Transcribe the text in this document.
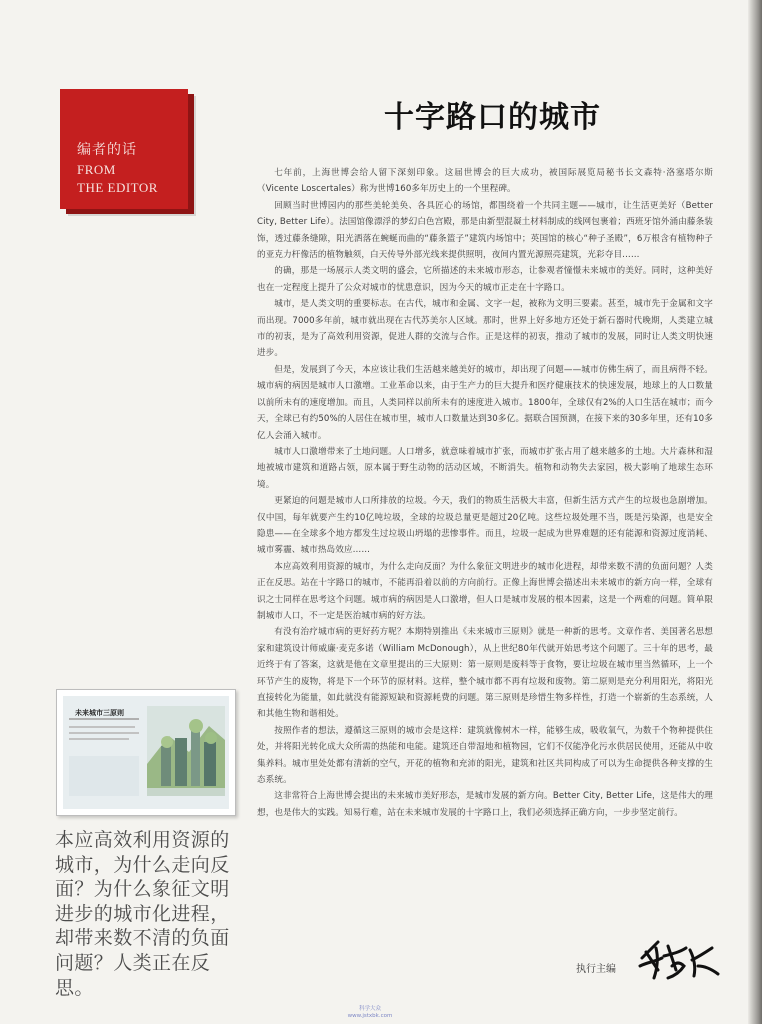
编者的话
FROM
THE EDITOR
十字路口的城市

七年前，上海世博会给人留下深刻印象。这届世博会的巨大成功，被国际展览局秘书长文森特·洛塞塔尔斯（Vicente Loscertales）称为世博160多年历史上的一个里程碑。

回顾当时世博园内的那些美轮美奂、各具匠心的场馆，都围绕着一个共同主题——城市，让生活更美好（Better City, Better Life）。法国馆像漂浮的梦幻白色宫殿，那是由新型混凝土材料制成的线网包裹着；西班牙馆外涌由藤条装饰，透过藤条缝隙，阳光洒落在蜿蜒而曲的“藤条篮子”建筑内场馆中；英国馆的核心“种子圣殿”，6万根含有植物种子的亚克力杆像活的植物触须，白天传导外部光线来提供照明，夜间内置光源照亮建筑，光彩夺目……

的确，那是一场展示人类文明的盛会，它所描述的未来城市形态，让参观者憧憬未来城市的美好。同时，这种美好也在一定程度上提升了公众对城市的忧患意识，因为今天的城市正走在十字路口。

城市，是人类文明的重要标志。在古代，城市和金属、文字一起，被称为文明三要素。甚至，城市先于金属和文字而出现。7000多年前，城市就出现在古代苏美尔人区域。那时，世界上好多地方还处于新石器时代晚期，人类建立城市的初衷，是为了高效利用资源，促进人群的交流与合作。正是这样的初衷，推动了城市的发展，同时让人类文明快速进步。

但是，发展到了今天，本应该让我们生活越来越美好的城市，却出现了问题——城市仿佛生病了，而且病得不轻。城市病的病因是城市人口激增。工业革命以来，由于生产力的巨大提升和医疗健康技术的快速发展，地球上的人口数量以前所未有的速度增加。而且，人类同样以前所未有的速度进入城市。1800年，全球仅有2%的人口生活在城市；而今天，全球已有约50%的人居住在城市里，城市人口数量达到30多亿。据联合国预测，在接下来的30多年里，还有10多亿人会涌入城市。

城市人口激增带来了土地问题。人口增多，就意味着城市扩张，而城市扩张占用了越来越多的土地。大片森林和湿地被城市建筑和道路占领，原本属于野生动物的活动区域，不断消失。植物和动物失去家园，极大影响了地球生态环境。

更紧迫的问题是城市人口所排放的垃圾。今天，我们的物质生活极大丰富，但新生活方式产生的垃圾也急剧增加。仅中国，每年就要产生约10亿吨垃圾，全球的垃圾总量更是超过20亿吨。这些垃圾处理不当，既是污染源，也是安全隐患——在全球多个地方都发生过垃圾山坍塌的悲惨事件。而且，垃圾一起成为世界难题的还有能源和资源过度消耗、城市雾霾、城市热岛效应……

本应高效利用资源的城市，为什么走向反面？为什么象征文明进步的城市化进程，却带来数不清的负面问题？人类正在反思。站在十字路口的城市，不能再沿着以前的方向前行。正像上海世博会描述出未来城市的新方向一样，全球有识之士同样在思考这个问题。城市病的病因是人口激增，但人口是城市发展的根本因素，这是一个两难的问题。简单限制城市人口，不一定是医治城市病的好方法。

有没有治疗城市病的更好药方呢？本期特别推出《未来城市三原则》就是一种新的思考。文章作者、美国著名思想家和建筑设计师威廉·麦克多诺（William McDonough），从上世纪80年代就开始思考这个问题了。三十年的思考，最近终于有了答案，这就是他在文章里提出的三大原则：第一原则是废料等于食物，要让垃圾在城市里当然循环，上一个环节产生的废物，将是下一个环节的原材料。这样，整个城市都不再有垃圾和废物。第二原则是充分利用阳光，将阳光直接转化为能量，如此就没有能源短缺和资源耗费的问题。第三原则是珍惜生物多样性，打造一个崭新的生态系统，人和其他生物和谐相处。

按照作者的想法，遵循这三原则的城市会是这样：建筑就像树木一样，能够生成，吸收氧气，为数千个物种提供住处，并将阳光转化成大众所需的热能和电能。建筑还自带湿地和植物园，它们不仅能净化污水供居民使用，还能从中收集养料。城市里处处都有清新的空气，开花的植物和充沛的阳光，建筑和社区共同构成了可以为生命提供各种支撑的生态系统。

这非常符合上海世博会提出的未来城市美好形态，是城市发展的新方向。Better City, Better Life，这是伟大的理想，也是伟大的实践。知易行难，站在未来城市发展的十字路口上，我们必须选择正确方向，一步步坚定前行。

未来城市三原则
本应高效利用资源的城市，为什么走向反面？为什么象征文明进步的城市化进程，却带来数不清的负面问题？人类正在反思。
执行主编
科学大众
www.jstxbk.com
